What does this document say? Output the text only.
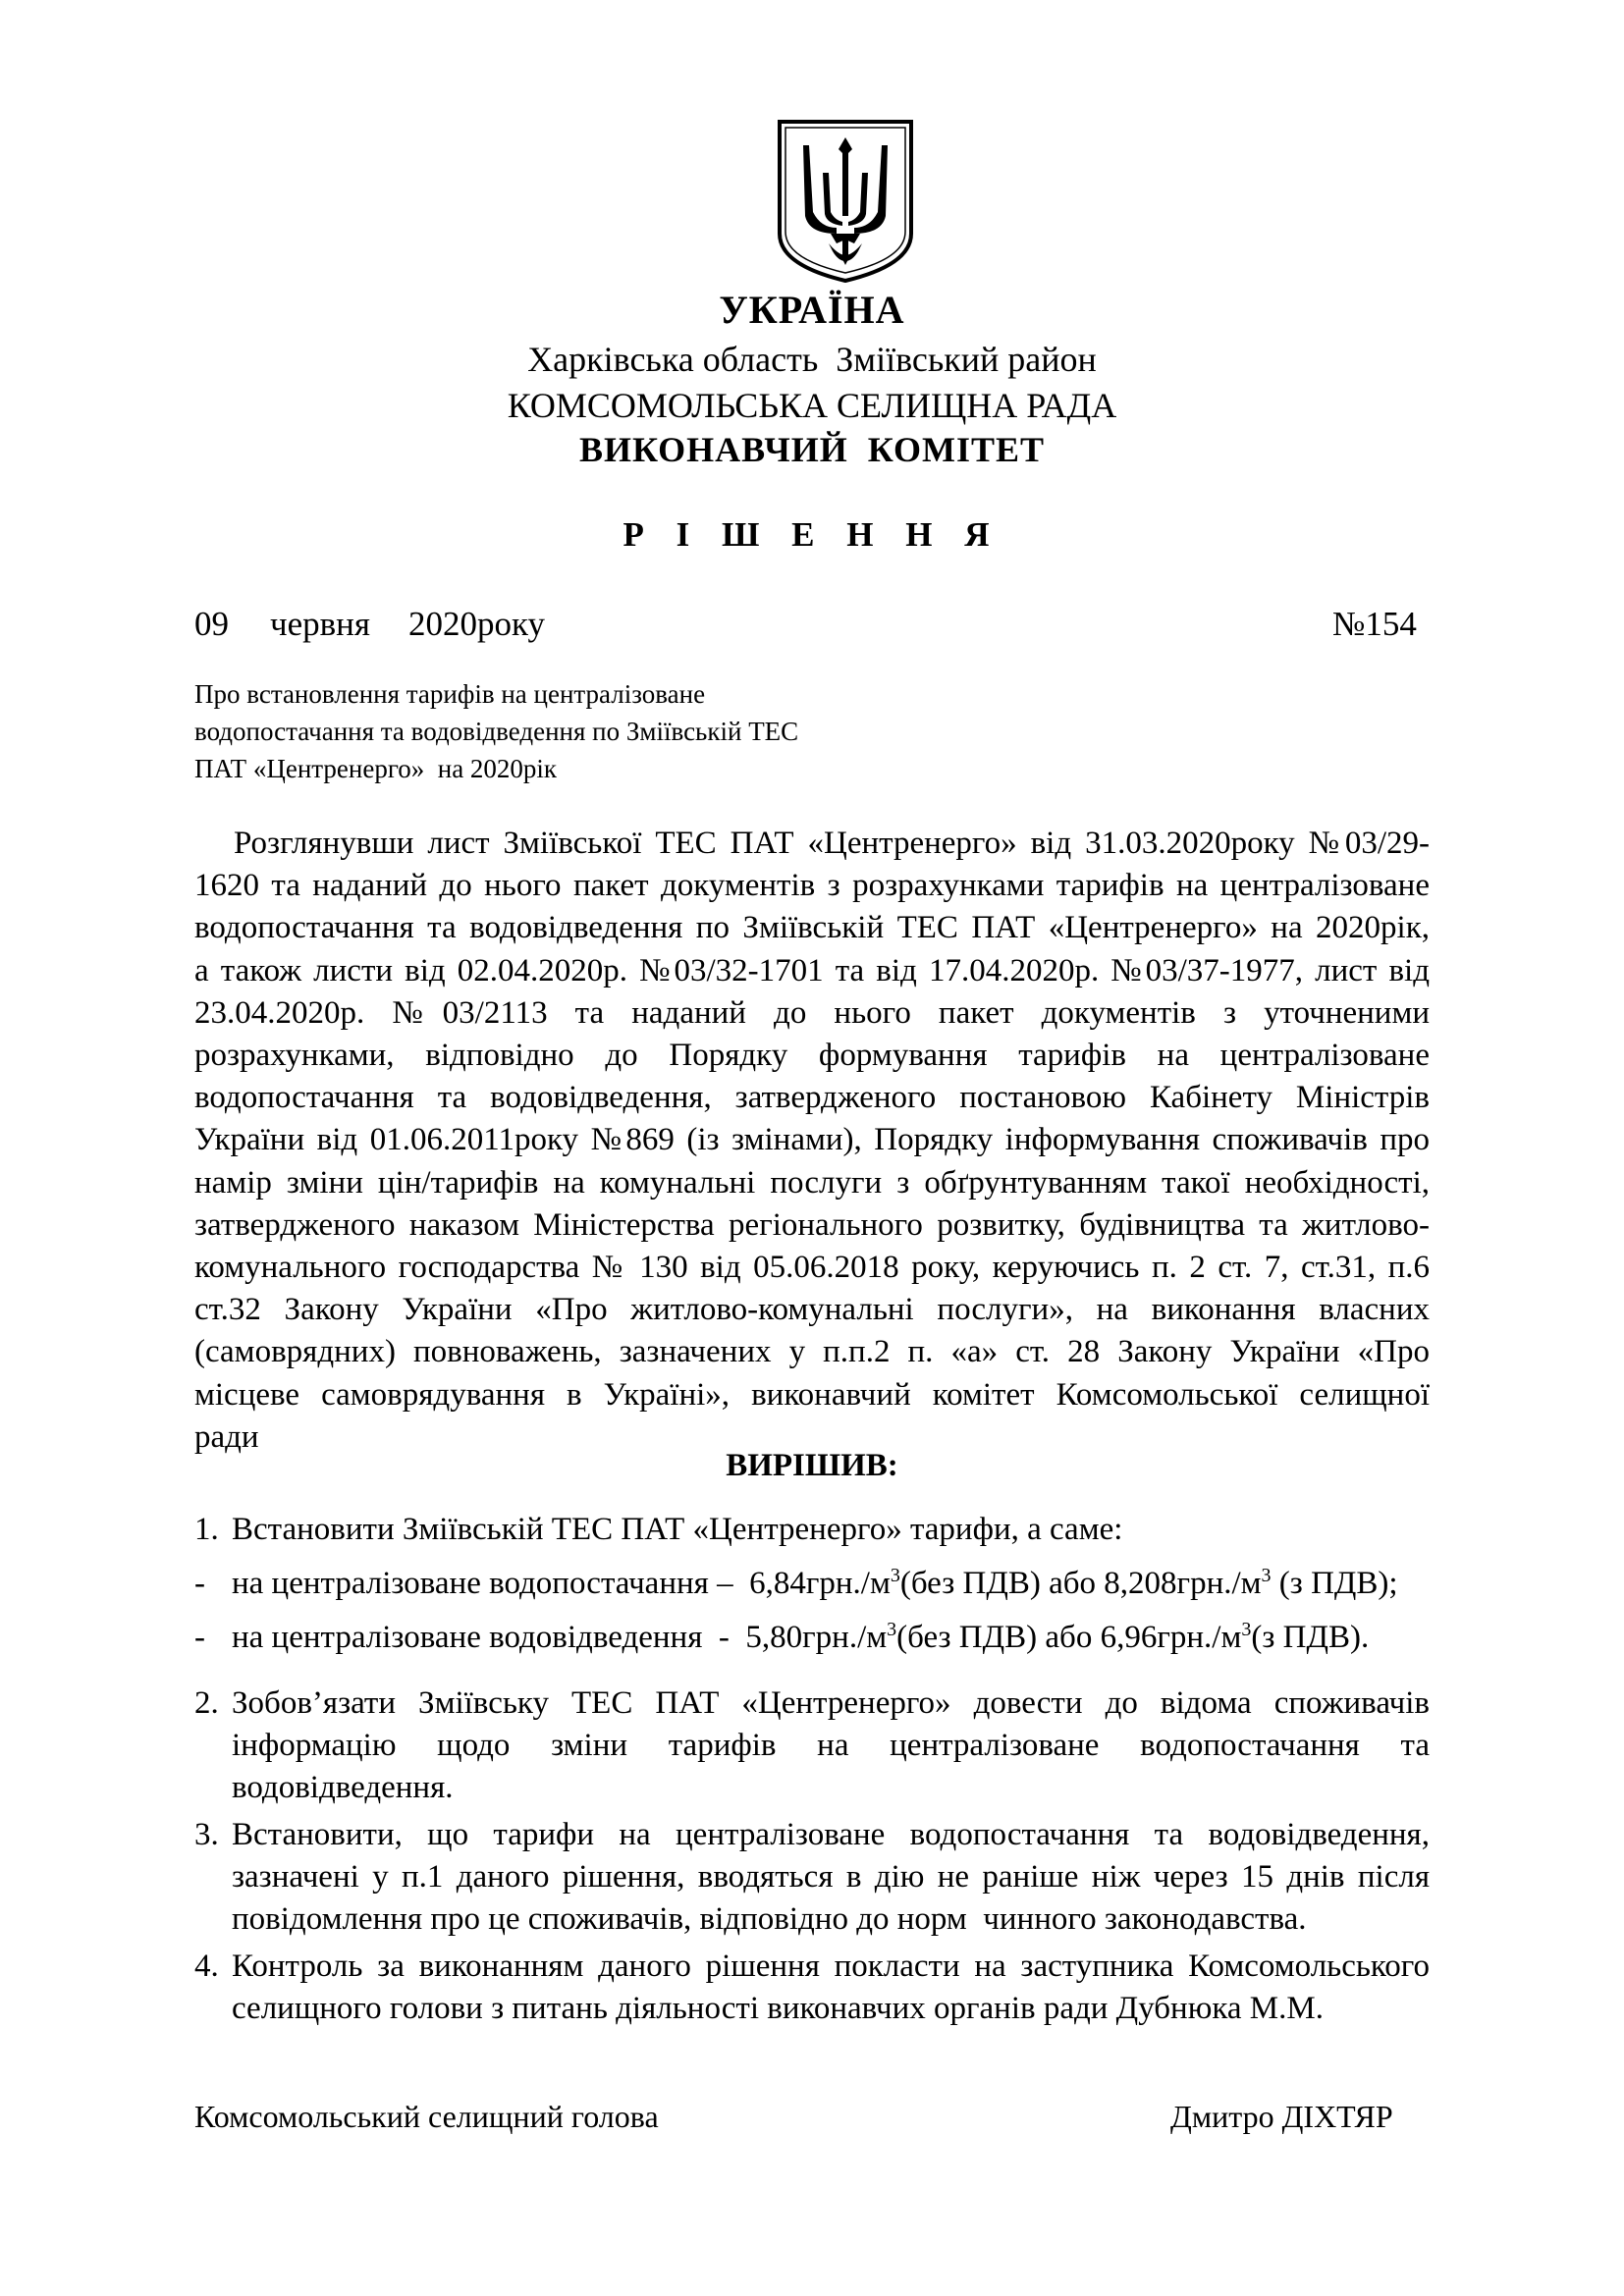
УКРАЇНА
Харківська область  Зміївський район
КОМСОМОЛЬСЬКА СЕЛИЩНА РАДА
ВИКОНАВЧИЙ  КОМІТЕТ
Р І Ш Е Н Н Я
09 червня 2020року	№154
Про встановлення тарифів на централізоване
водопостачання та водовідведення по Зміївській ТЕС
ПАТ «Центренерго»  на 2020рік
Розглянувши лист Зміївської ТЕС ПАТ «Центренерго» від 31.03.2020року №03/29-
1620 та наданий до нього пакет документів з розрахунками тарифів на централізоване
водопостачання та водовідведення по Зміївській ТЕС ПАТ «Центренерго» на 2020рік,
а також листи від 02.04.2020р. №03/32-1701 та від 17.04.2020р. №03/37-1977, лист від
23.04.2020р. №03/2113 та наданий до нього пакет документів з уточненими
розрахунками, відповідно до Порядку формування тарифів на централізоване
водопостачання та водовідведення, затвердженого постановою Кабінету Міністрів
України від 01.06.2011року №869 (із змінами), Порядку інформування споживачів про
намір зміни цін/тарифів на комунальні послуги з обґрунтуванням такої необхідності,
затвердженого наказом Міністерства регіонального розвитку, будівництва та житлово-
комунального господарства № 130 від 05.06.2018 року, керуючись п. 2 ст. 7, ст.31, п.6
ст.32 Закону України «Про житлово-комунальні послуги», на виконання власних
(самоврядних) повноважень, зазначених у п.п.2 п. «а» ст. 28 Закону України «Про
місцеве самоврядування в Україні», виконавчий комітет Комсомольської селищної
ради
ВИРІШИВ:
1. Встановити Зміївській ТЕС ПАТ «Центренерго» тарифи, а саме:
- на централізоване водопостачання –  $6,84грн./м^3(без$ ПДВ) або $8,208грн./м^3$ (з ПДВ);
- на централізоване водовідведення  -  $5,80грн./м^3(без$ ПДВ) або $6,96грн./м^3(з$ ПДВ).
2. Зобов’язати Зміївську ТЕС ПАТ «Центренерго» довести до відома споживачів
інформацію щодо зміни тарифів на централізоване водопостачання та
водовідведення.
3. Встановити, що тарифи на централізоване водопостачання та водовідведення,
зазначені у п.1 даного рішення, вводяться в дію не раніше ніж через 15 днів після
повідомлення про це споживачів, відповідно до норм  чинного законодавства.
4. Контроль за виконанням даного рішення покласти на заступника Комсомольського
селищного голови з питань діяльності виконавчих органів ради Дубнюка М.М.
Комсомольський селищний голова	Дмитро ДІХТЯР
